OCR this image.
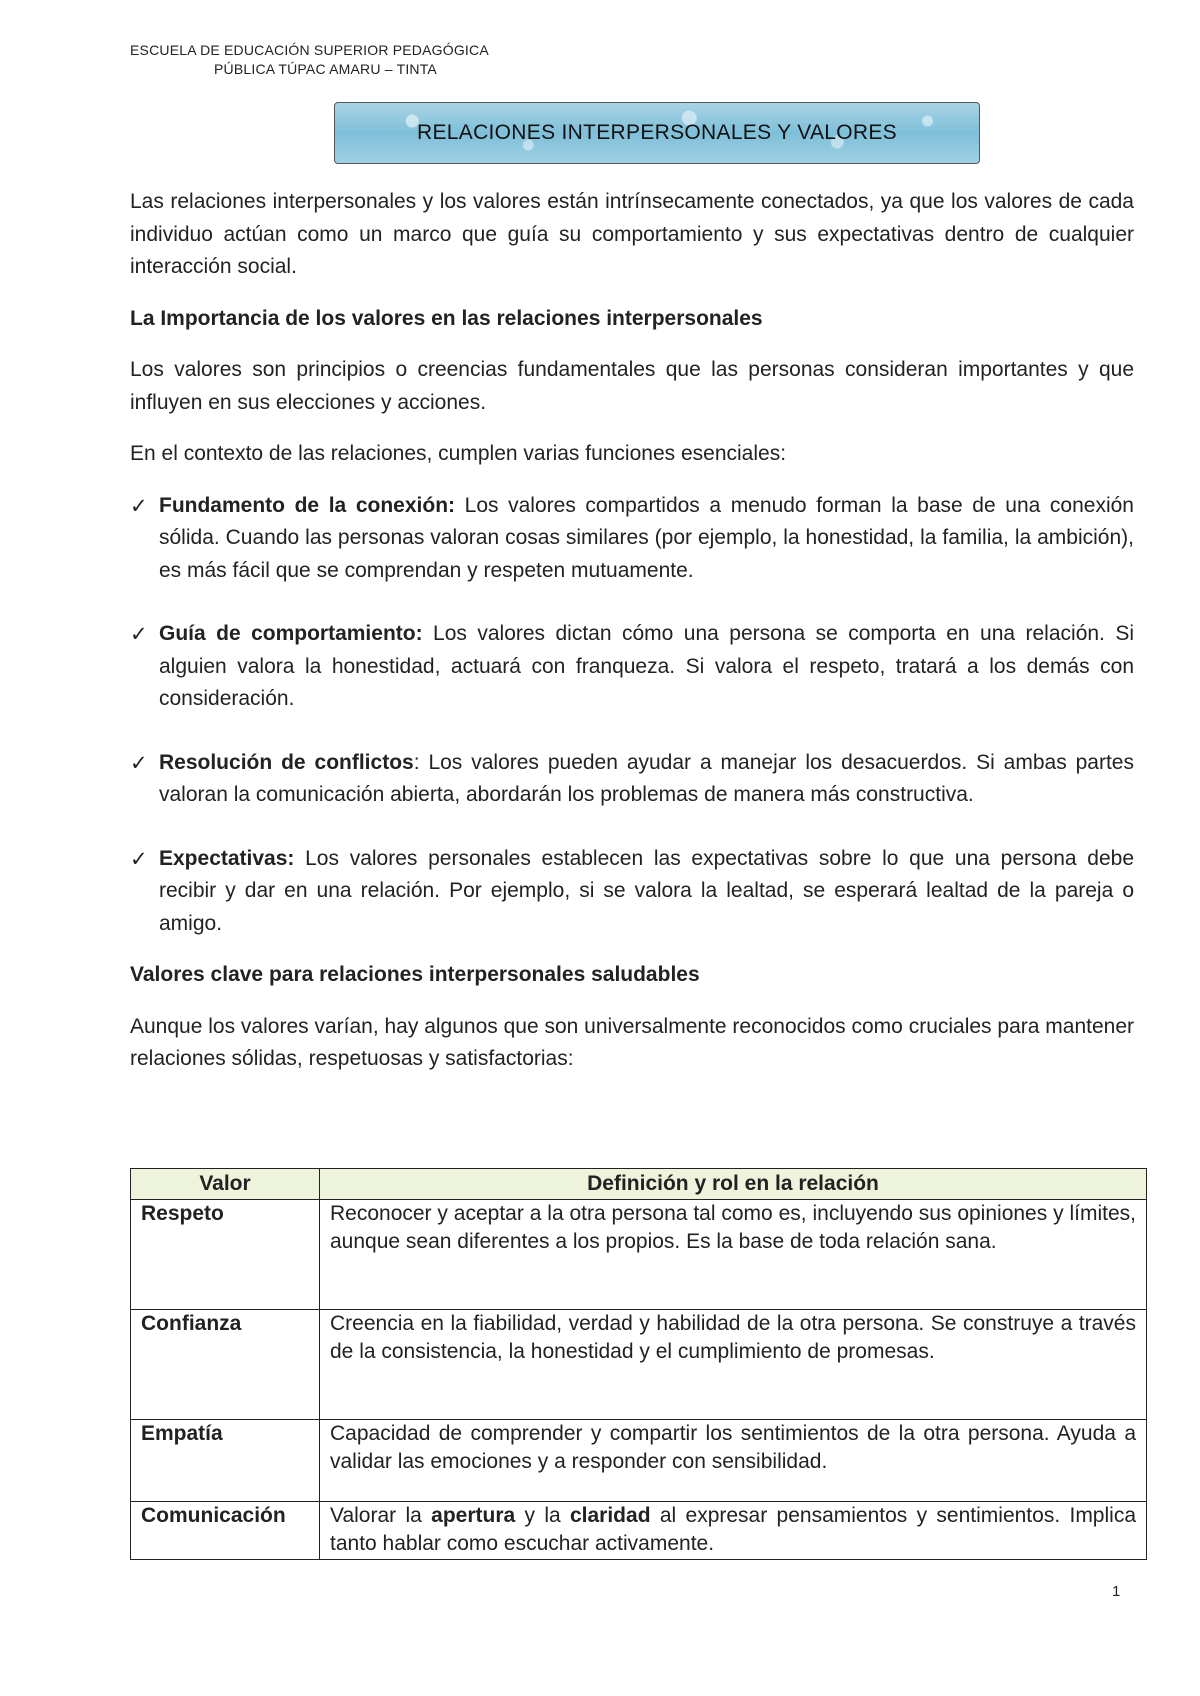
ESCUELA DE EDUCACIÓN SUPERIOR PEDAGÓGICA
PÚBLICA TÚPAC AMARU – TINTA
RELACIONES INTERPERSONALES Y VALORES

Las relaciones interpersonales y los valores están intrínsecamente conectados, ya que los valores de cada individuo actúan como un marco que guía su comportamiento y sus expectativas dentro de cualquier interacción social.

La Importancia de los valores en las relaciones interpersonales

Los valores son principios o creencias fundamentales que las personas consideran importantes y que influyen en sus elecciones y acciones.

En el contexto de las relaciones, cumplen varias funciones esenciales:

✓ Fundamento de la conexión: Los valores compartidos a menudo forman la base de una conexión sólida. Cuando las personas valoran cosas similares (por ejemplo, la honestidad, la familia, la ambición), es más fácil que se comprendan y respeten mutuamente.
✓ Guía de comportamiento: Los valores dictan cómo una persona se comporta en una relación. Si alguien valora la honestidad, actuará con franqueza. Si valora el respeto, tratará a los demás con consideración.
✓ Resolución de conflictos: Los valores pueden ayudar a manejar los desacuerdos. Si ambas partes valoran la comunicación abierta, abordarán los problemas de manera más constructiva.
✓ Expectativas: Los valores personales establecen las expectativas sobre lo que una persona debe recibir y dar en una relación. Por ejemplo, si se valora la lealtad, se esperará lealtad de la pareja o amigo.
Valores clave para relaciones interpersonales saludables

Aunque los valores varían, hay algunos que son universalmente reconocidos como cruciales para mantener relaciones sólidas, respetuosas y satisfactorias:

Valor	Definición y rol en la relación
Respeto	Reconocer y aceptar a la otra persona tal como es, incluyendo sus opiniones y límites, aunque sean diferentes a los propios. Es la base de toda relación sana.
Confianza	Creencia en la fiabilidad, verdad y habilidad de la otra persona. Se construye a través de la consistencia, la honestidad y el cumplimiento de promesas.
Empatía	Capacidad de comprender y compartir los sentimientos de la otra persona. Ayuda a validar las emociones y a responder con sensibilidad.
Comunicación	Valorar la apertura y la claridad al expresar pensamientos y sentimientos. Implica tanto hablar como escuchar activamente.
1
